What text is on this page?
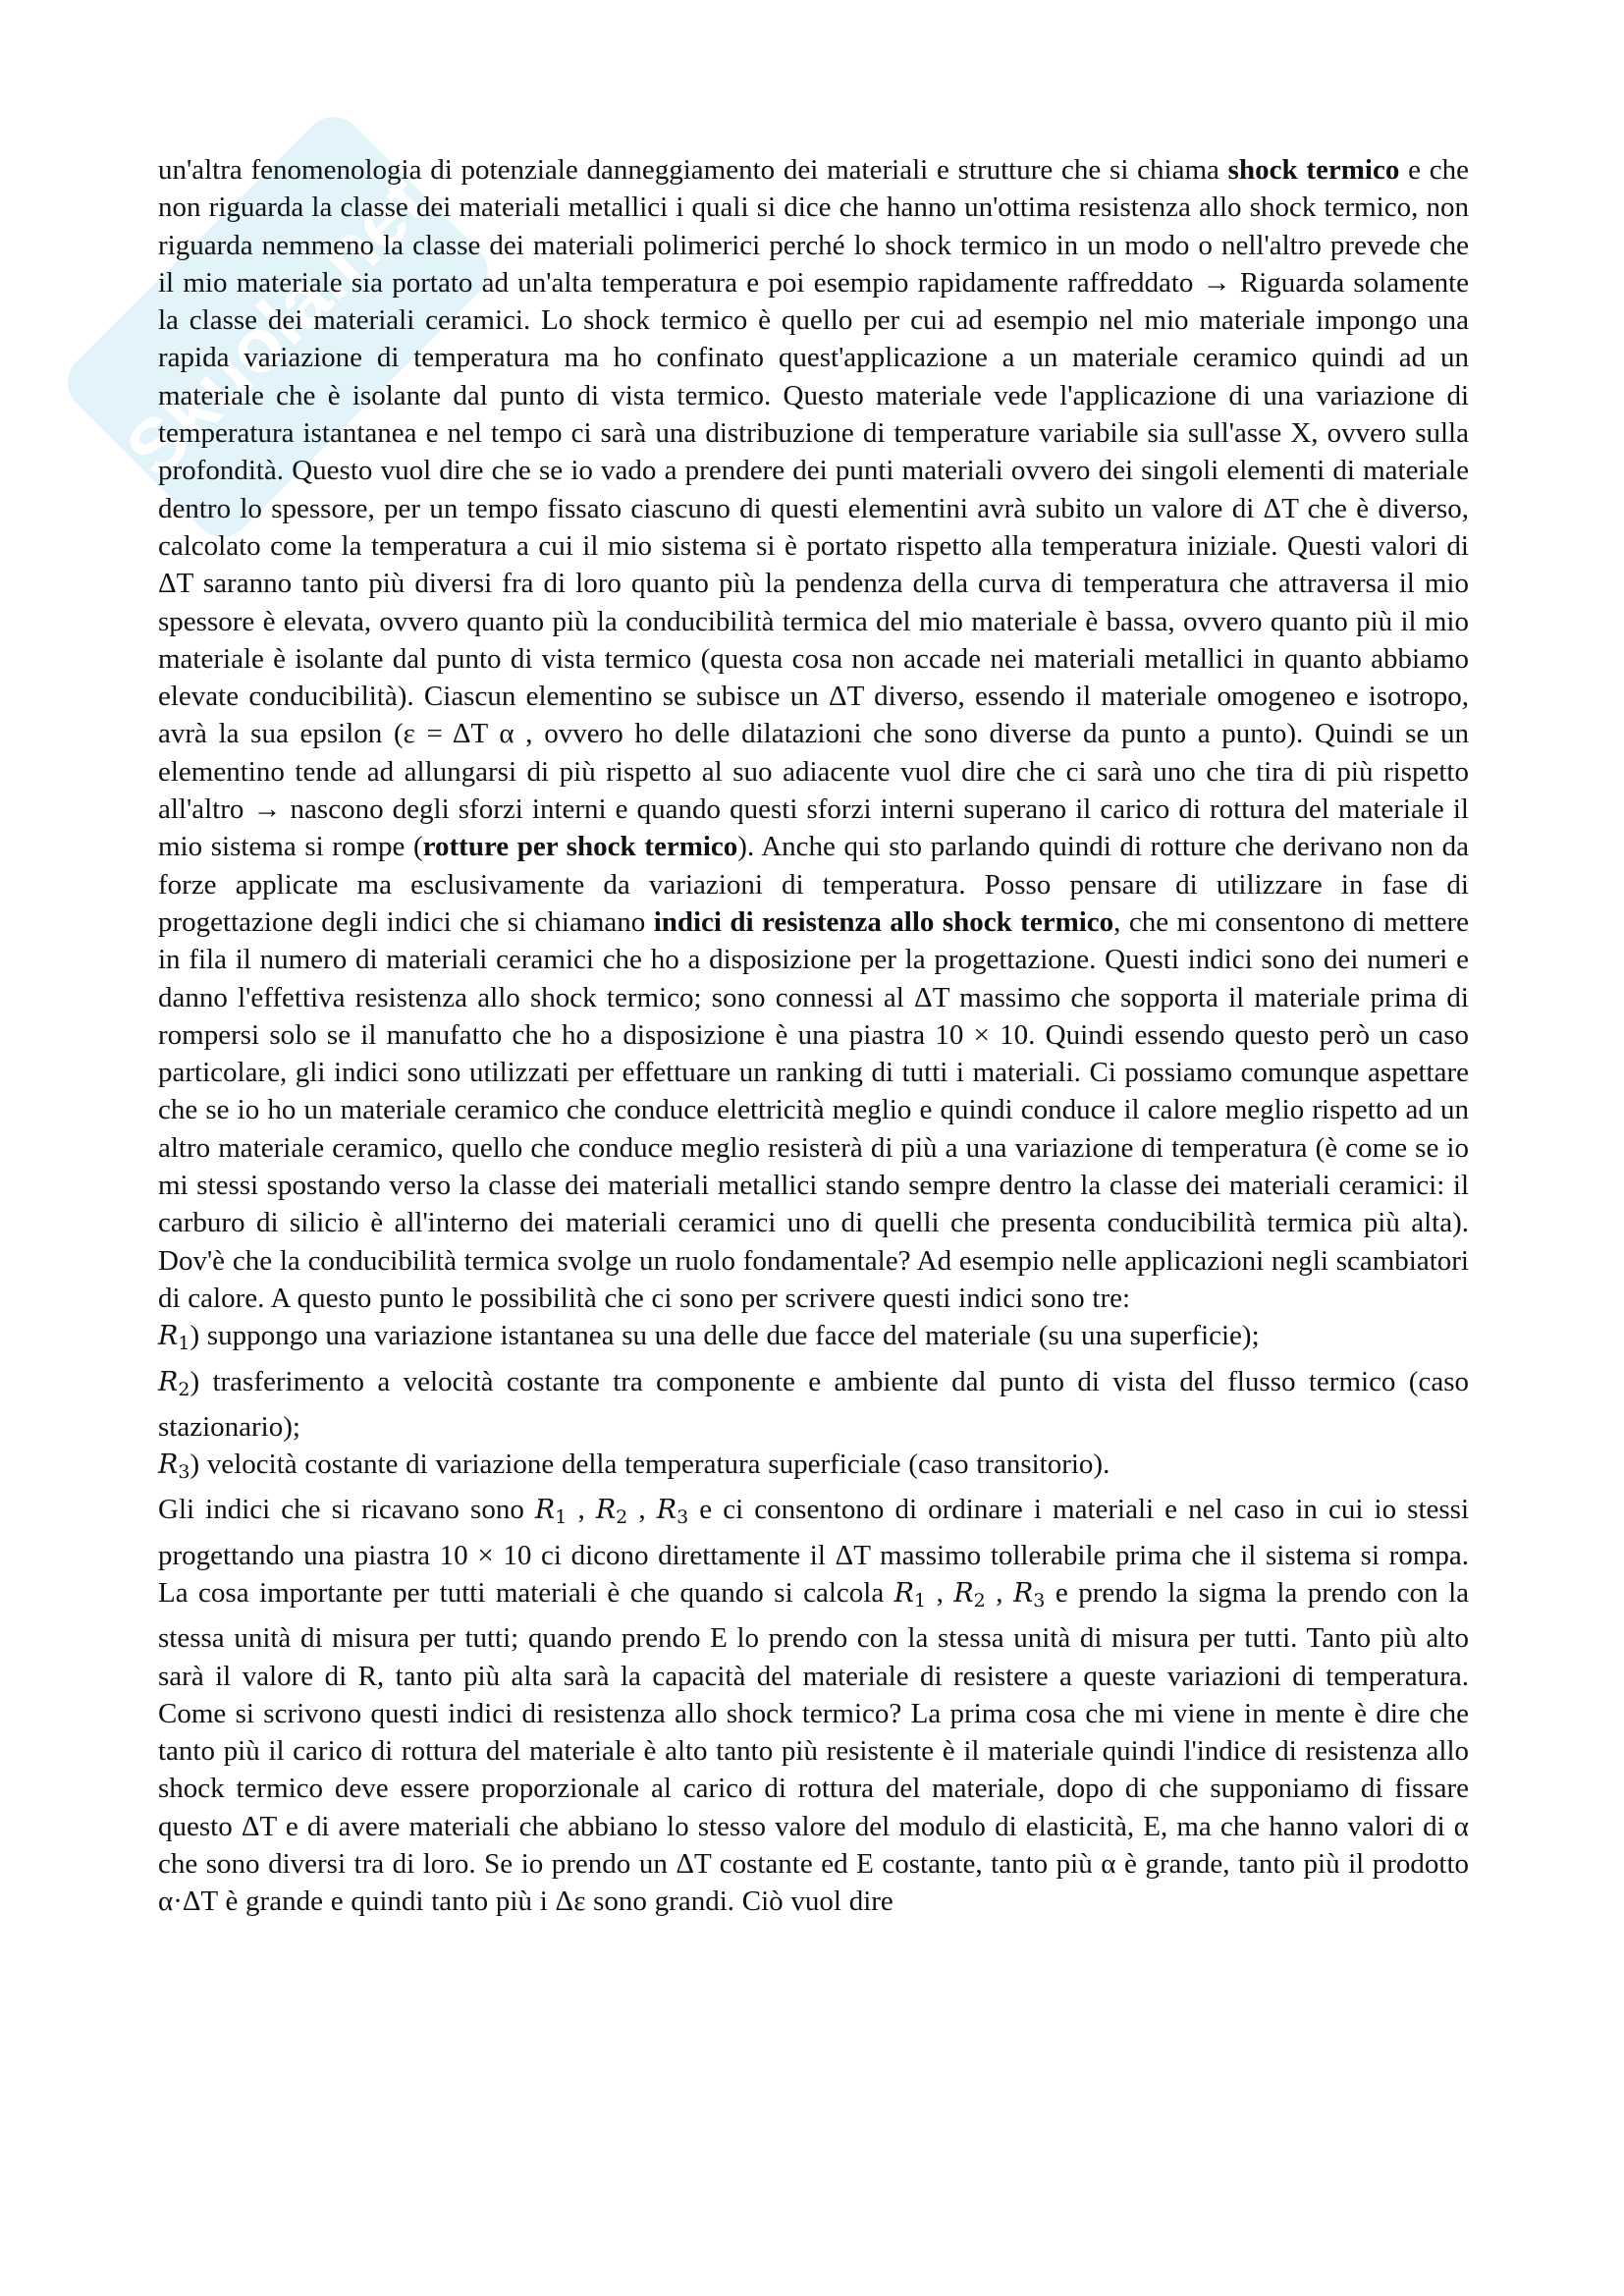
Skuola.net

un'altra fenomenologia di potenziale danneggiamento dei materiali e strutture che si chiama shock termico e che non riguarda la classe dei materiali metallici i quali si dice che hanno un'ottima resistenza allo shock termico, non riguarda nemmeno la classe dei materiali polimerici perché lo shock termico in un modo o nell'altro prevede che il mio materiale sia portato ad un'alta temperatura e poi esempio rapidamente raffreddato → Riguarda solamente la classe dei materiali ceramici. Lo shock termico è quello per cui ad esempio nel mio materiale impongo una rapida variazione di temperatura ma ho confinato quest'applicazione a un materiale ceramico quindi ad un materiale che è isolante dal punto di vista termico. Questo materiale vede l'applicazione di una variazione di temperatura istantanea e nel tempo ci sarà una distribuzione di temperature variabile sia sull'asse X, ovvero sulla profondità. Questo vuol dire che se io vado a prendere dei punti materiali ovvero dei singoli elementi di materiale dentro lo spessore, per un tempo fissato ciascuno di questi elementini avrà subito un valore di ΔT che è diverso, calcolato come la temperatura a cui il mio sistema si è portato rispetto alla temperatura iniziale. Questi valori di ΔT saranno tanto più diversi fra di loro quanto più la pendenza della curva di temperatura che attraversa il mio spessore è elevata, ovvero quanto più la conducibilità termica del mio materiale è bassa, ovvero quanto più il mio materiale è isolante dal punto di vista termico (questa cosa non accade nei materiali metallici in quanto abbiamo elevate conducibilità). Ciascun elementino se subisce un ΔT diverso, essendo il materiale omogeneo e isotropo, avrà la sua epsilon (ε = ΔT α , ovvero ho delle dilatazioni che sono diverse da punto a punto). Quindi se un elementino tende ad allungarsi di più rispetto al suo adiacente vuol dire che ci sarà uno che tira di più rispetto all'altro → nascono degli sforzi interni e quando questi sforzi interni superano il carico di rottura del materiale il mio sistema si rompe (rotture per shock termico). Anche qui sto parlando quindi di rotture che derivano non da forze applicate ma esclusivamente da variazioni di temperatura. Posso pensare di utilizzare in fase di progettazione degli indici che si chiamano indici di resistenza allo shock termico, che mi consentono di mettere in fila il numero di materiali ceramici che ho a disposizione per la progettazione. Questi indici sono dei numeri e danno l'effettiva resistenza allo shock termico; sono connessi al ΔT massimo che sopporta il materiale prima di rompersi solo se il manufatto che ho a disposizione è una piastra 10 × 10. Quindi essendo questo però un caso particolare, gli indici sono utilizzati per effettuare un ranking di tutti i materiali. Ci possiamo comunque aspettare che se io ho un materiale ceramico che conduce elettricità meglio e quindi conduce il calore meglio rispetto ad un altro materiale ceramico, quello che conduce meglio resisterà di più a una variazione di temperatura (è come se io mi stessi spostando verso la classe dei materiali metallici stando sempre dentro la classe dei materiali ceramici: il carburo di silicio è all'interno dei materiali ceramici uno di quelli che presenta conducibilità termica più alta). Dov'è che la conducibilità termica svolge un ruolo fondamentale? Ad esempio nelle applicazioni negli scambiatori di calore. A questo punto le possibilità che ci sono per scrivere questi indici sono tre:

$R_1$) suppongo una variazione istantanea su una delle due facce del materiale (su una superficie);

$R_2$) trasferimento a velocità costante tra componente e ambiente dal punto di vista del flusso termico (caso stazionario);

$R_3$) velocità costante di variazione della temperatura superficiale (caso transitorio).

Gli indici che si ricavano sono $R_1$ , $R_2$ , $R_3$ e ci consentono di ordinare i materiali e nel caso in cui io stessi progettando una piastra 10 × 10 ci dicono direttamente il ΔT massimo tollerabile prima che il sistema si rompa. La cosa importante per tutti materiali è che quando si calcola $R_1$ , $R_2$ , $R_3$ e prendo la sigma la prendo con la stessa unità di misura per tutti; quando prendo E lo prendo con la stessa unità di misura per tutti. Tanto più alto sarà il valore di R, tanto più alta sarà la capacità del materiale di resistere a queste variazioni di temperatura. Come si scrivono questi indici di resistenza allo shock termico? La prima cosa che mi viene in mente è dire che tanto più il carico di rottura del materiale è alto tanto più resistente è il materiale quindi l'indice di resistenza allo shock termico deve essere proporzionale al carico di rottura del materiale, dopo di che supponiamo di fissare questo ΔT e di avere materiali che abbiano lo stesso valore del modulo di elasticità, E, ma che hanno valori di α che sono diversi tra di loro. Se io prendo un ΔT costante ed E costante, tanto più α è grande, tanto più il prodotto α·ΔT è grande e quindi tanto più i Δε sono grandi. Ciò vuol dire
